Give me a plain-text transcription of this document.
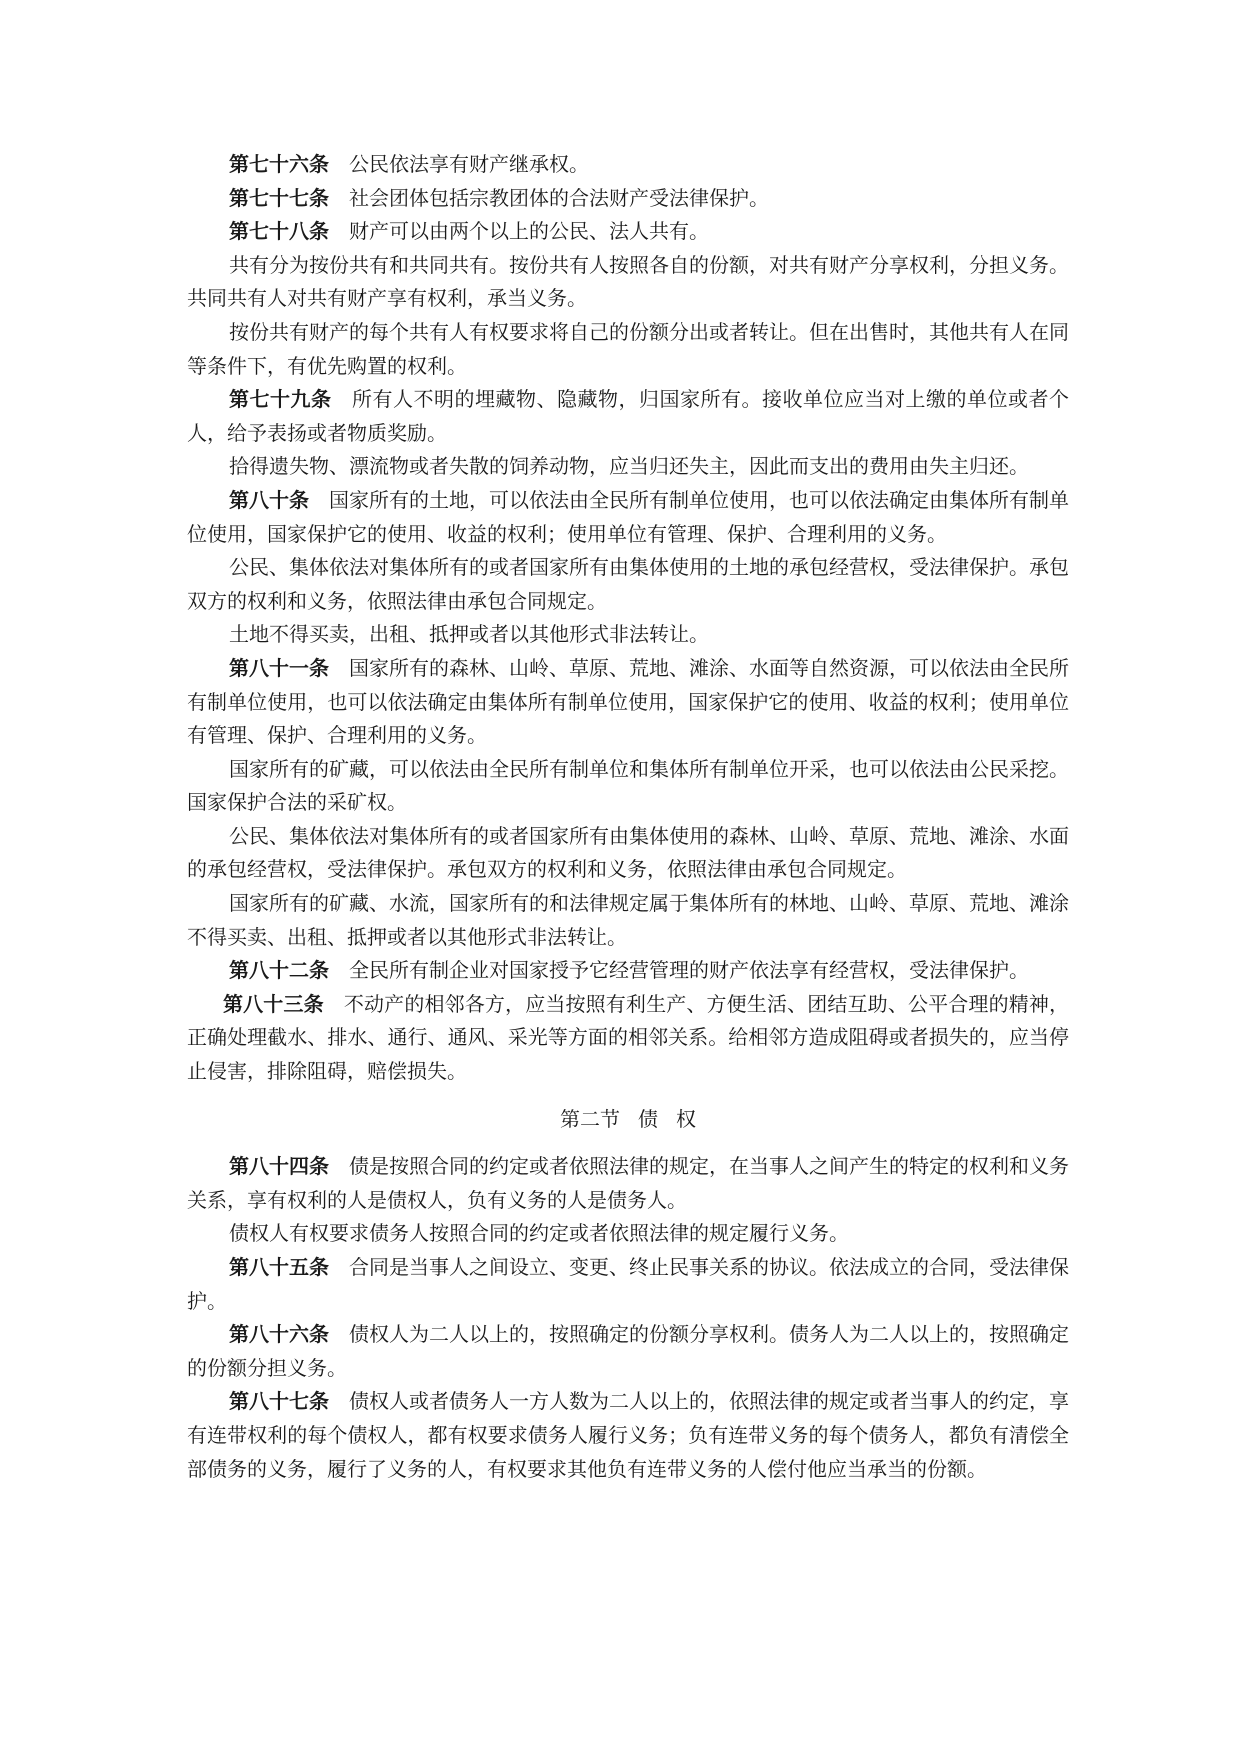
第七十六条 公民依法享有财产继承权。

第七十七条 社会团体包括宗教团体的合法财产受法律保护。

第七十八条 财产可以由两个以上的公民、法人共有。

共有分为按份共有和共同共有。按份共有人按照各自的份额，对共有财产分享权利，分担义务。共同共有人对共有财产享有权利，承当义务。

按份共有财产的每个共有人有权要求将自己的份额分出或者转让。但在出售时，其他共有人在同等条件下，有优先购置的权利。

第七十九条 所有人不明的埋藏物、隐藏物，归国家所有。接收单位应当对上缴的单位或者个人，给予表扬或者物质奖励。

拾得遗失物、漂流物或者失散的饲养动物，应当归还失主，因此而支出的费用由失主归还。

第八十条 国家所有的土地，可以依法由全民所有制单位使用，也可以依法确定由集体所有制单位使用，国家保护它的使用、收益的权利；使用单位有管理、保护、合理利用的义务。

公民、集体依法对集体所有的或者国家所有由集体使用的土地的承包经营权，受法律保护。承包双方的权利和义务，依照法律由承包合同规定。

土地不得买卖，出租、抵押或者以其他形式非法转让。

第八十一条 国家所有的森林、山岭、草原、荒地、滩涂、水面等自然资源，可以依法由全民所有制单位使用，也可以依法确定由集体所有制单位使用，国家保护它的使用、收益的权利；使用单位有管理、保护、合理利用的义务。

国家所有的矿藏，可以依法由全民所有制单位和集体所有制单位开采，也可以依法由公民采挖。国家保护合法的采矿权。

公民、集体依法对集体所有的或者国家所有由集体使用的森林、山岭、草原、荒地、滩涂、水面的承包经营权，受法律保护。承包双方的权利和义务，依照法律由承包合同规定。

国家所有的矿藏、水流，国家所有的和法律规定属于集体所有的林地、山岭、草原、荒地、滩涂不得买卖、出租、抵押或者以其他形式非法转让。

第八十二条 全民所有制企业对国家授予它经营管理的财产依法享有经营权，受法律保护。

第八十三条 不动产的相邻各方，应当按照有利生产、方便生活、团结互助、公平合理的精神，正确处理截水、排水、通行、通风、采光等方面的相邻关系。给相邻方造成阻碍或者损失的，应当停止侵害，排除阻碍，赔偿损失。

第二节 债 权

第八十四条 债是按照合同的约定或者依照法律的规定，在当事人之间产生的特定的权利和义务关系，享有权利的人是债权人，负有义务的人是债务人。

债权人有权要求债务人按照合同的约定或者依照法律的规定履行义务。

第八十五条 合同是当事人之间设立、变更、终止民事关系的协议。依法成立的合同，受法律保护。

第八十六条 债权人为二人以上的，按照确定的份额分享权利。债务人为二人以上的，按照确定的份额分担义务。

第八十七条 债权人或者债务人一方人数为二人以上的，依照法律的规定或者当事人的约定，享有连带权利的每个债权人，都有权要求债务人履行义务；负有连带义务的每个债务人，都负有清偿全部债务的义务，履行了义务的人，有权要求其他负有连带义务的人偿付他应当承当的份额。
